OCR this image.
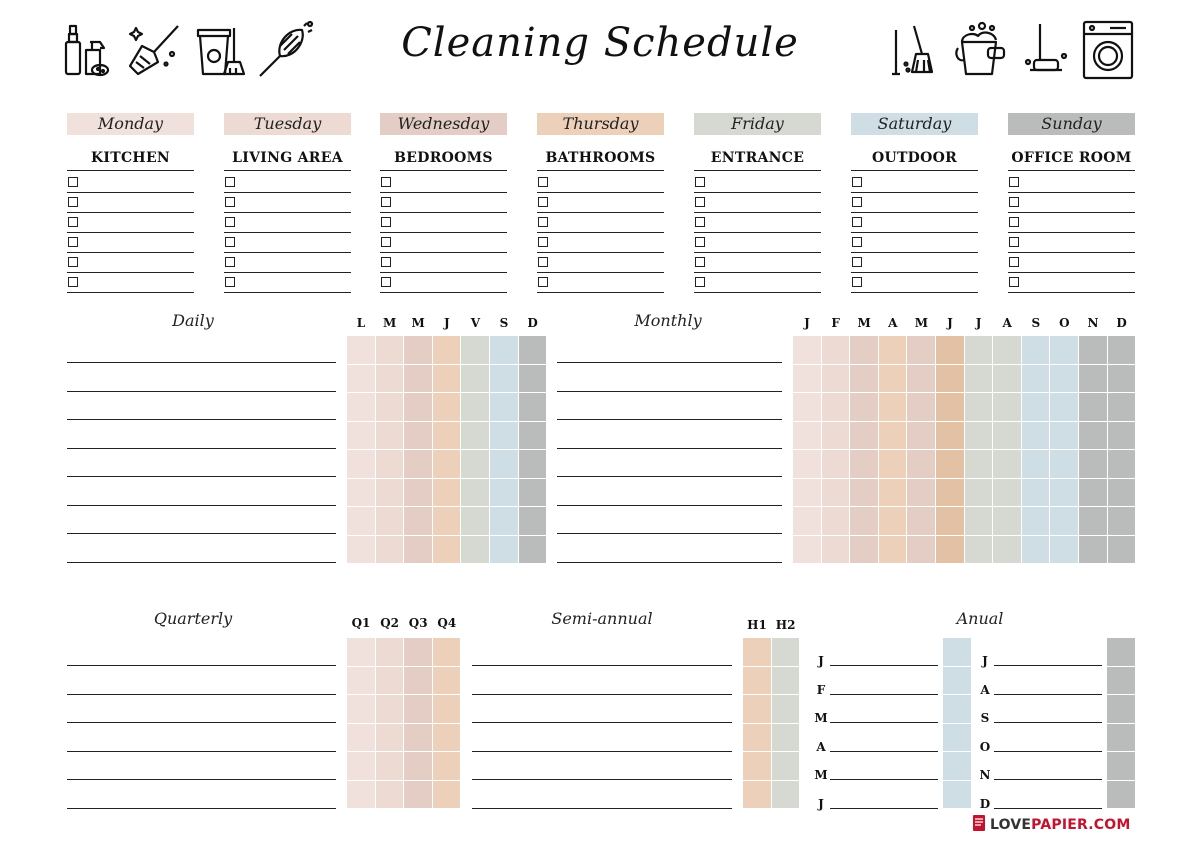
Cleaning Schedule
Monday
KITCHEN
Tuesday
LIVING AREA
Wednesday
BEDROOMS
Thursday
BATHROOMS
Friday
ENTRANCE
Saturday
OUTDOOR
Sunday
OFFICE ROOM
Daily	L	M	M	J	V	S	D	Monthly	J	F	M	A	M	J	J	A	S	O	N	D
Quarterly	Q1 Q2 Q3 Q4	Semi-annual	H1 H2	Anual
J
F
M
A
M
J
J
A
S
O
N
D
LOVE PAPIER.COM
